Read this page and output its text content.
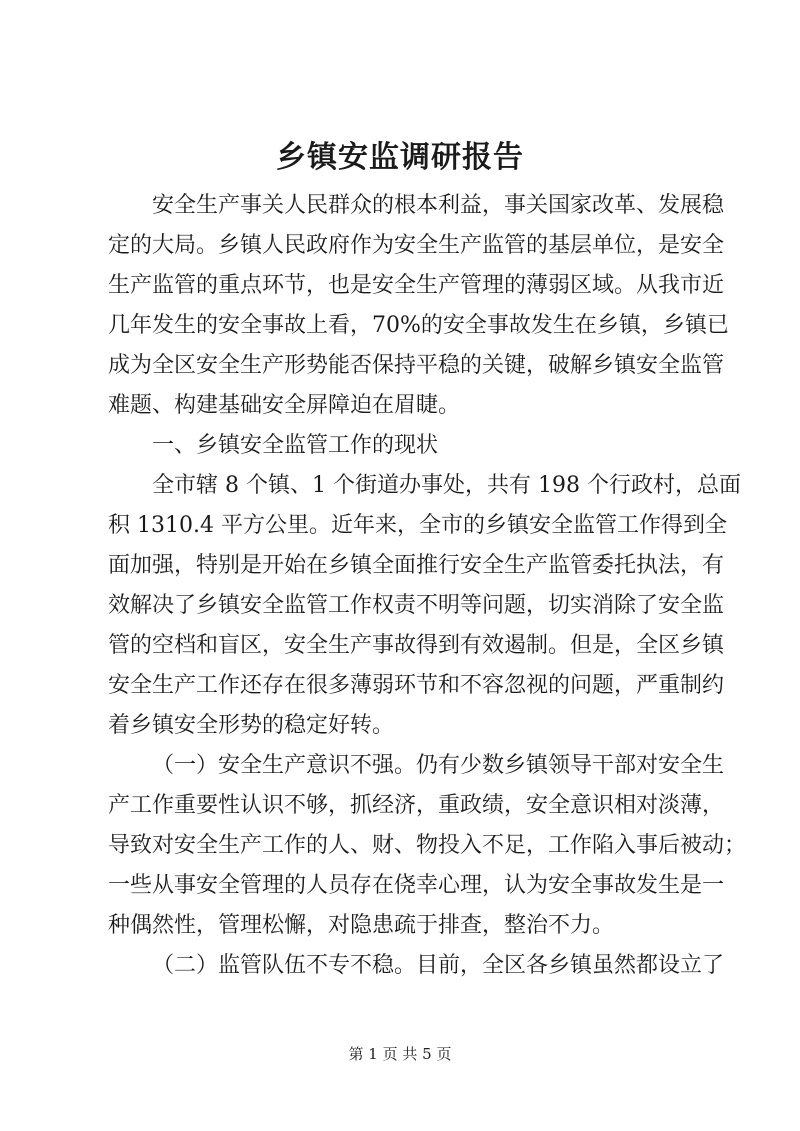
乡镇安监调研报告
安全生产事关人民群众的根本利益，事关国家改革、发展稳
定的大局。乡镇人民政府作为安全生产监管的基层单位，是安全
生产监管的重点环节，也是安全生产管理的薄弱区域。从我市近
几年发生的安全事故上看，70%的安全事故发生在乡镇，乡镇已
成为全区安全生产形势能否保持平稳的关键，破解乡镇安全监管
难题、构建基础安全屏障迫在眉睫。
一、乡镇安全监管工作的现状
全市辖 8 个镇、1 个街道办事处，共有 198 个行政村，总面
积 1310.4 平方公里。近年来，全市的乡镇安全监管工作得到全
面加强，特别是开始在乡镇全面推行安全生产监管委托执法，有
效解决了乡镇安全监管工作权责不明等问题，切实消除了安全监
管的空档和盲区，安全生产事故得到有效遏制。但是，全区乡镇
安全生产工作还存在很多薄弱环节和不容忽视的问题，严重制约
着乡镇安全形势的稳定好转。
（一）安全生产意识不强。仍有少数乡镇领导干部对安全生
产工作重要性认识不够，抓经济，重政绩，安全意识相对淡薄，
导致对安全生产工作的人、财、物投入不足，工作陷入事后被动；
一些从事安全管理的人员存在侥幸心理，认为安全事故发生是一
种偶然性，管理松懈，对隐患疏于排查，整治不力。
（二）监管队伍不专不稳。目前，全区各乡镇虽然都设立了
第 1 页 共 5 页
